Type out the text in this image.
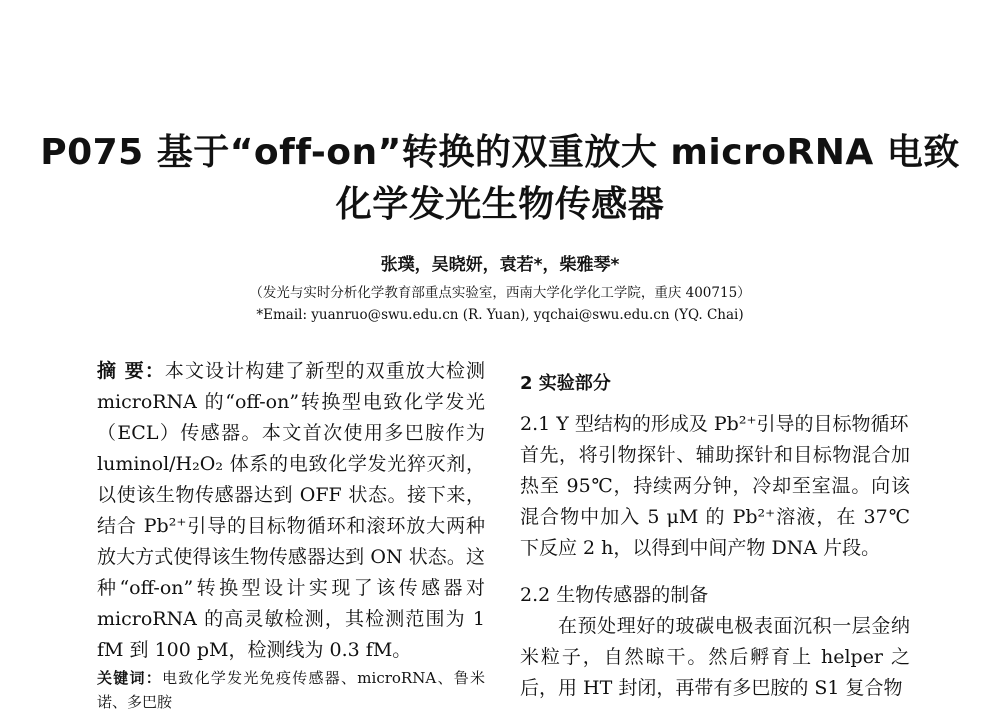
P075 基于“off-on”转换的双重放大 microRNA 电致
化学发光生物传感器
张璞，吴晓妍，袁若*，柴雅琴*
（发光与实时分析化学教育部重点实验室，西南大学化学化工学院，重庆 400715）
*Email: yuanruo@swu.edu.cn (R. Yuan), yqchai@swu.edu.cn (YQ. Chai)

摘 要：本文设计构建了新型的双重放大检测 microRNA 的“off-on”转换型电致化学发光（ECL）传感器。本文首次使用多巴胺作为 luminol/H₂O₂ 体系的电致化学发光猝灭剂，以使该生物传感器达到 OFF 状态。接下来，结合 Pb²⁺引导的目标物循环和滚环放大两种放大方式使得该生物传感器达到 ON 状态。这种“off-on”转换型设计实现了该传感器对 microRNA 的高灵敏检测，其检测范围为 1 fM 到 100 pM，检测线为 0.3 fM。

关键词：电致化学发光免疫传感器、microRNA、鲁米诺、多巴胺

2 实验部分
2.1 Y 型结构的形成及 Pb²⁺引导的目标物循环

首先，将引物探针、辅助探针和目标物混合加热至 95℃，持续两分钟，冷却至室温。向该混合物中加入 5 μM 的 Pb²⁺溶液，在 37℃下反应 2 h，以得到中间产物 DNA 片段。

2.2 生物传感器的制备

在预处理好的玻碳电极表面沉积一层金纳米粒子，自然晾干。然后孵育上 helper 之后，用 HT 封闭，再带有多巴胺的 S1 复合物
